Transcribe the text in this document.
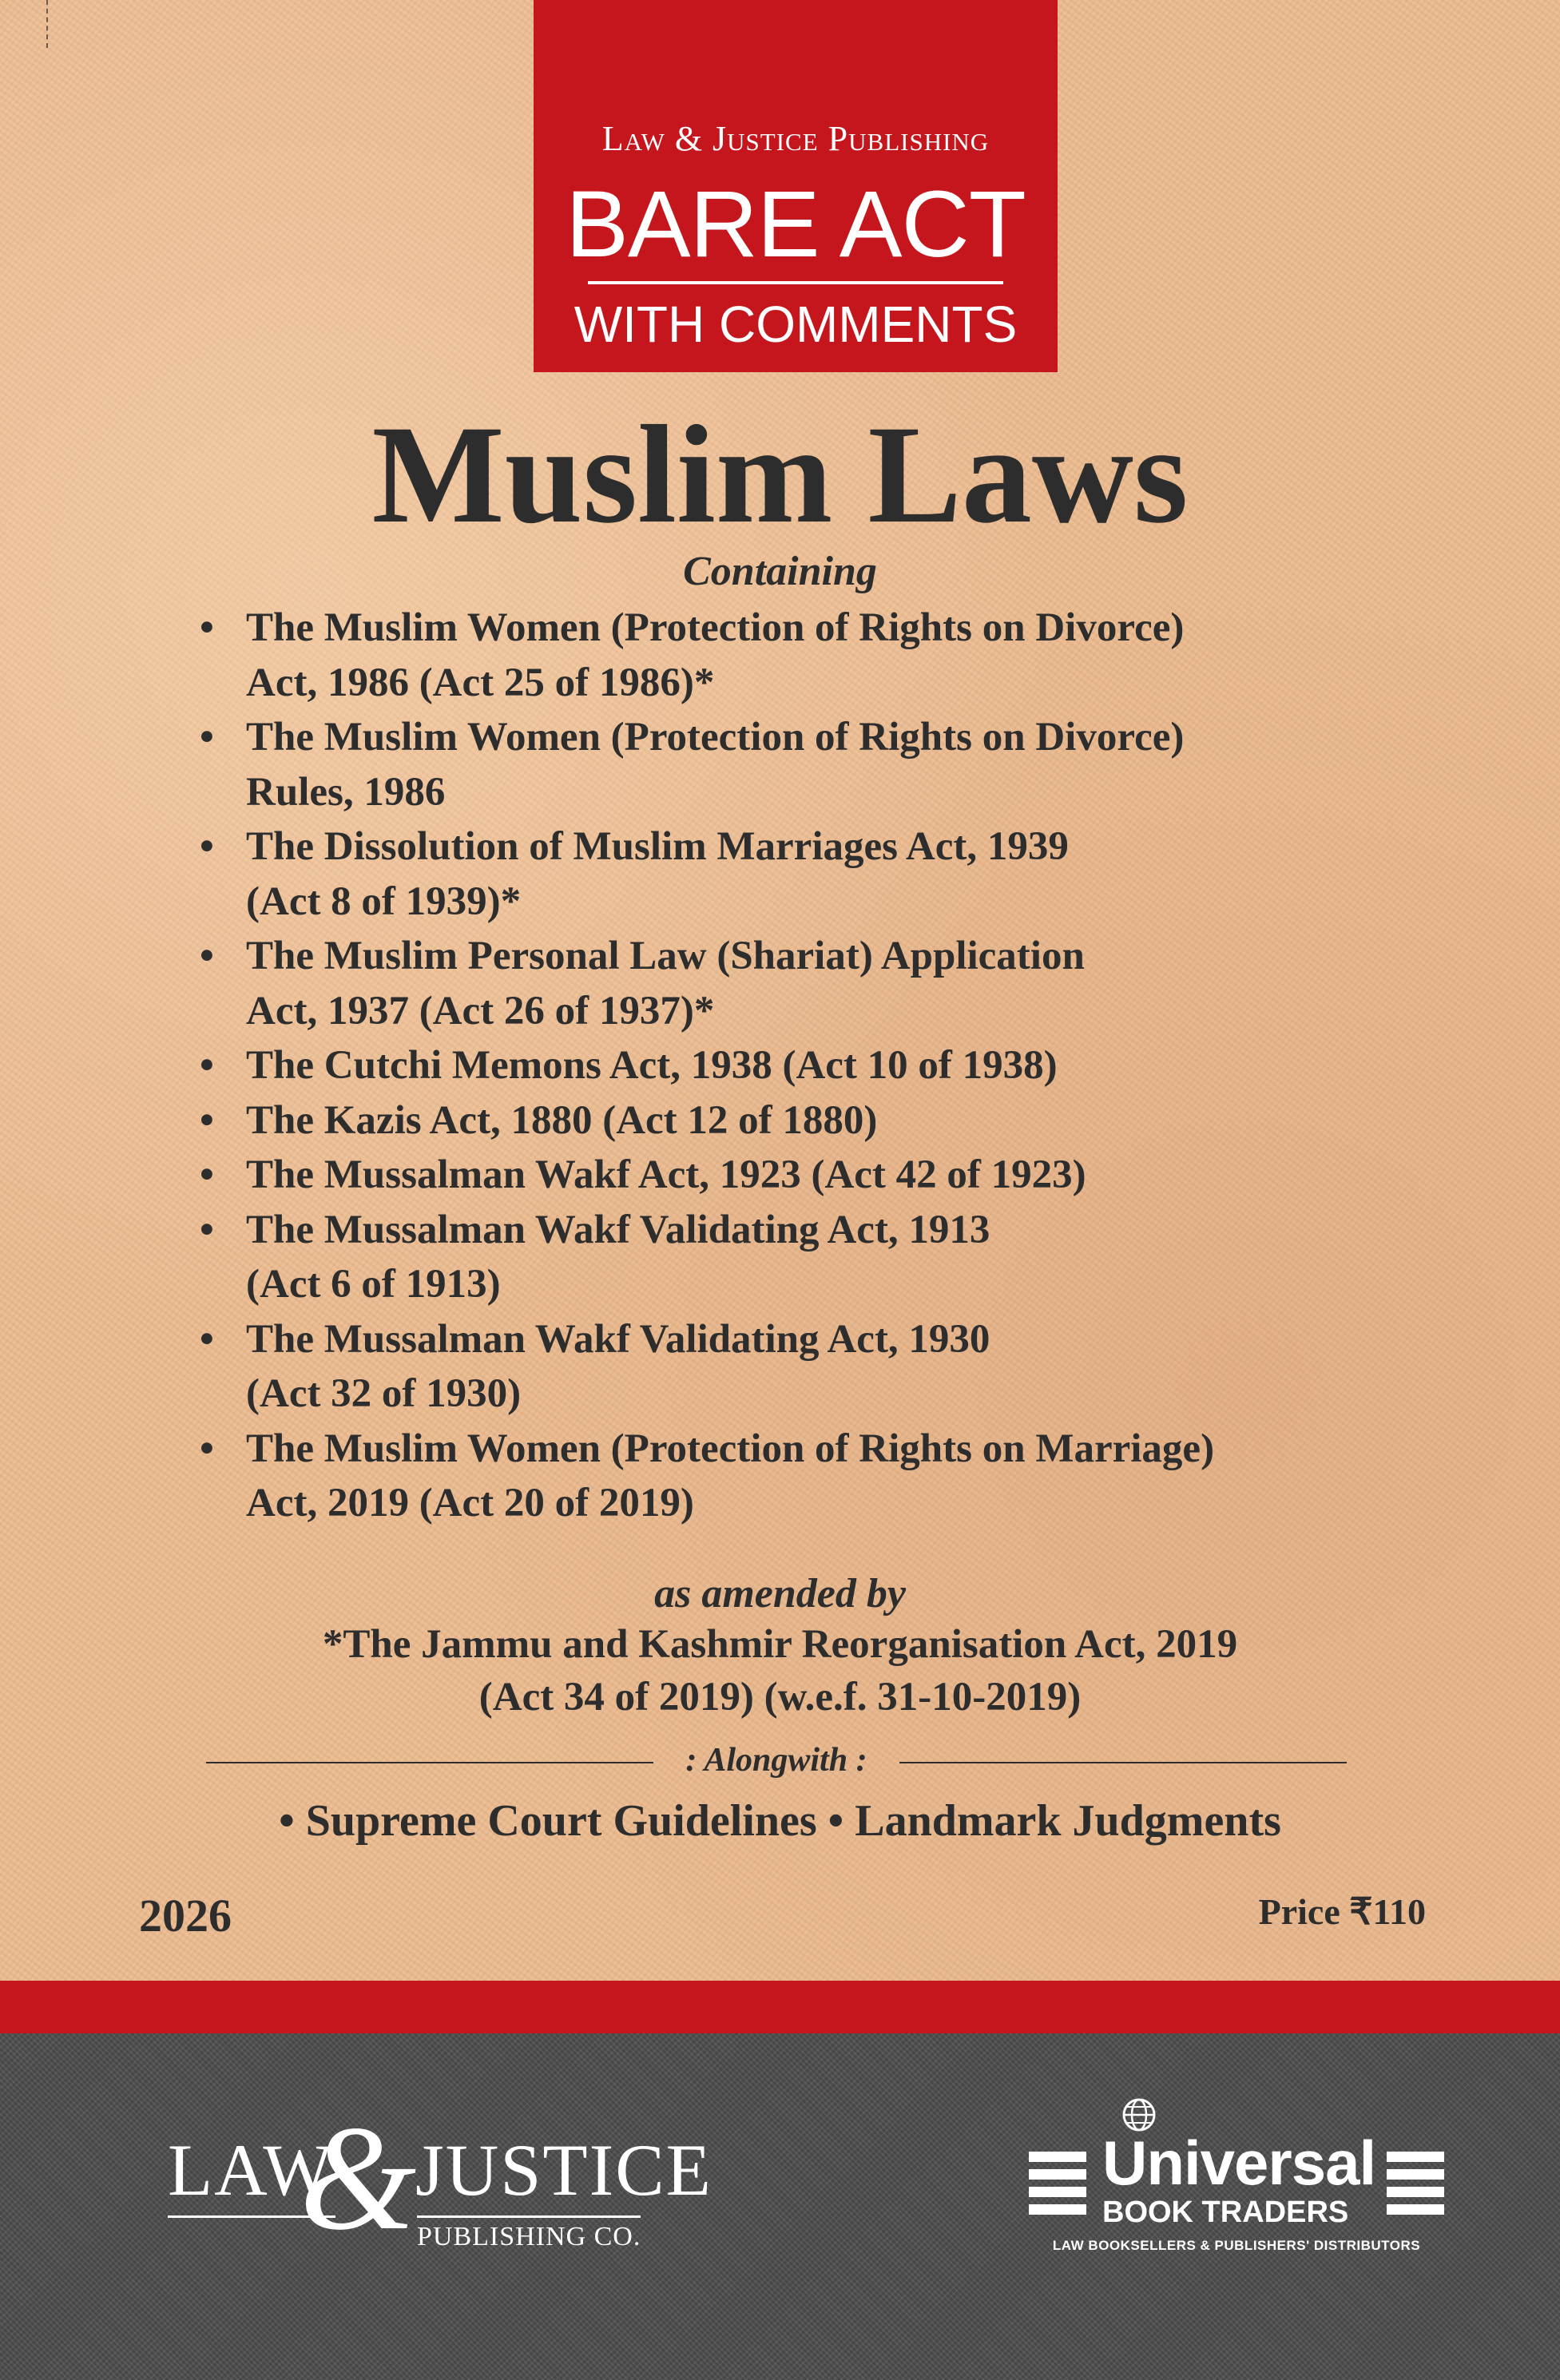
Law & Justice Publishing
BARE ACT
WITH COMMENTS
Muslim Laws
Containing
• The Muslim Women (Protection of Rights on Divorce)
Act, 1986 (Act 25 of 1986)*
• The Muslim Women (Protection of Rights on Divorce)
Rules, 1986
• The Dissolution of Muslim Marriages Act, 1939
(Act 8 of 1939)*
• The Muslim Personal Law (Shariat) Application
Act, 1937 (Act 26 of 1937)*
• The Cutchi Memons Act, 1938 (Act 10 of 1938)
• The Kazis Act, 1880 (Act 12 of 1880)
• The Mussalman Wakf Act, 1923 (Act 42 of 1923)
• The Mussalman Wakf Validating Act, 1913
(Act 6 of 1913)
• The Mussalman Wakf Validating Act, 1930
(Act 32 of 1930)
• The Muslim Women (Protection of Rights on Marriage)
Act, 2019 (Act 20 of 2019)
as amended by
*The Jammu and Kashmir Reorganisation Act, 2019
(Act 34 of 2019) (w.e.f. 31-10-2019)
: Alongwith :
• Supreme Court Guidelines • Landmark Judgments
2026	Price ₹110
LAW
&
JUSTICE
PUBLISHING CO.
Universal
BOOK TRADERS
LAW BOOKSELLERS & PUBLISHERS' DISTRIBUTORS
